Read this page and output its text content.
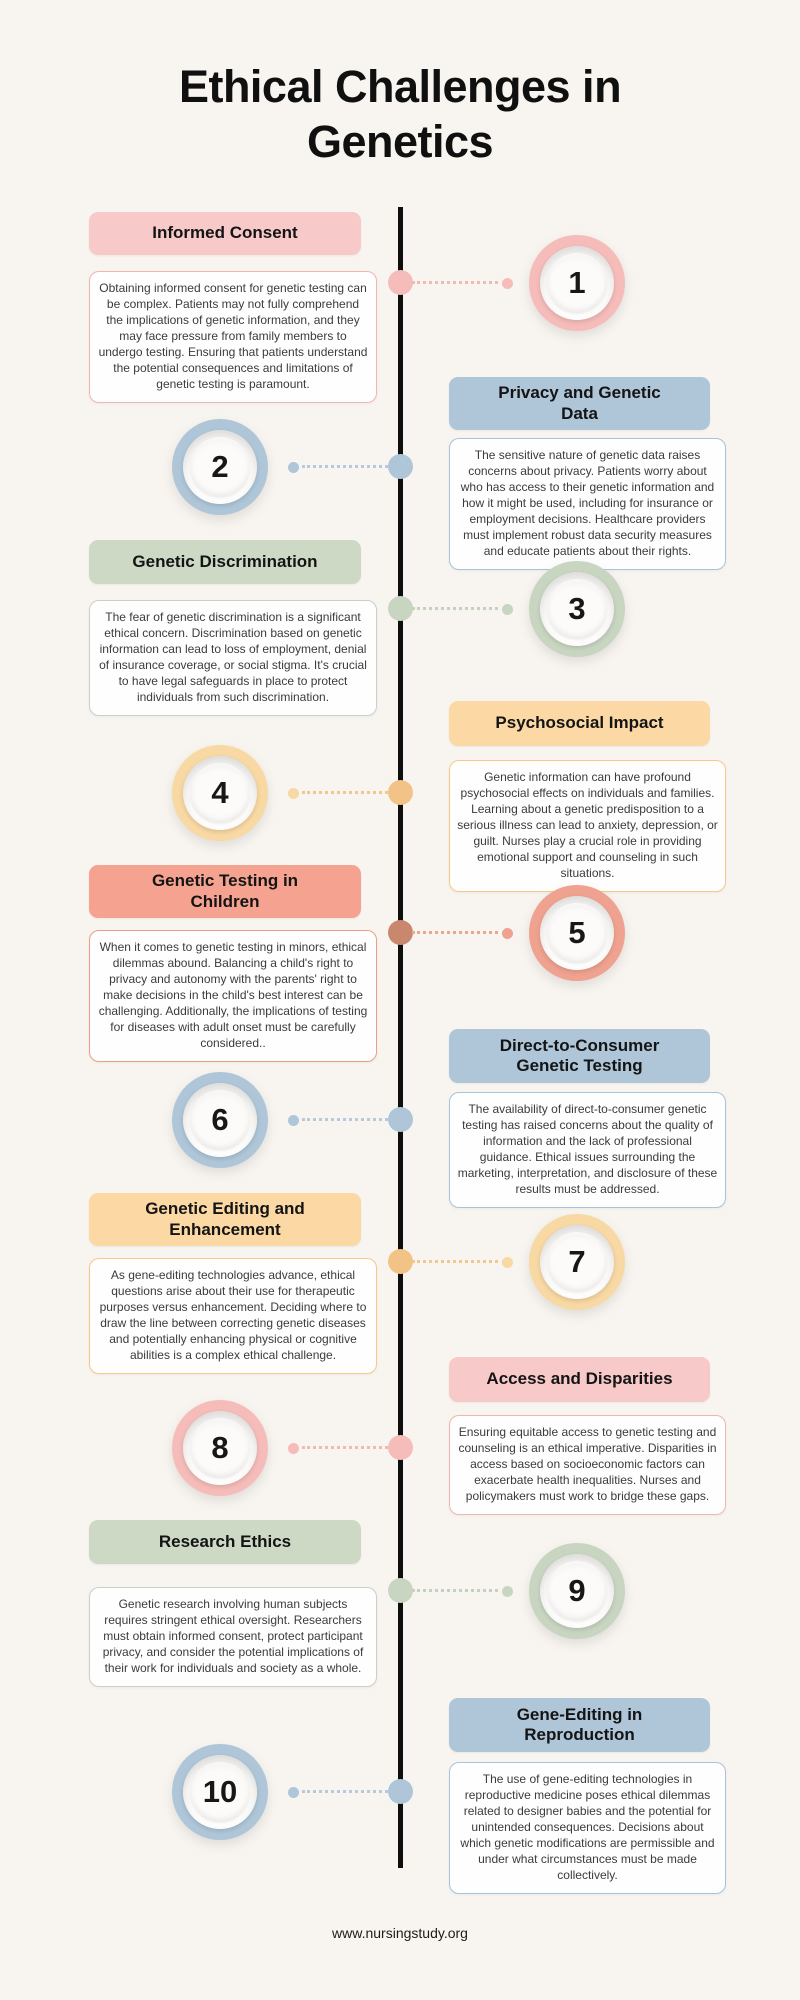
Ethical Challenges in Genetics
Informed Consent

Obtaining informed consent for genetic testing can be complex. Patients may not fully comprehend the implications of genetic information, and they may face pressure from family members to undergo testing. Ensuring that patients understand the potential consequences and limitations of genetic testing is paramount.

1
Privacy and Genetic Data

The sensitive nature of genetic data raises concerns about privacy. Patients worry about who has access to their genetic information and how it might be used, including for insurance or employment decisions. Healthcare providers must implement robust data security measures and educate patients about their rights.

2
Genetic Discrimination

The fear of genetic discrimination is a significant ethical concern. Discrimination based on genetic information can lead to loss of employment, denial of insurance coverage, or social stigma. It's crucial to have legal safeguards in place to protect individuals from such discrimination.

3
Psychosocial Impact

Genetic information can have profound psychosocial effects on individuals and families. Learning about a genetic predisposition to a serious illness can lead to anxiety, depression, or guilt. Nurses play a crucial role in providing emotional support and counseling in such situations.

4
Genetic Testing in Children

When it comes to genetic testing in minors, ethical dilemmas abound. Balancing a child's right to privacy and autonomy with the parents' right to make decisions in the child's best interest can be challenging. Additionally, the implications of testing for diseases with adult onset must be carefully considered..

5
Direct-to-Consumer Genetic Testing

The availability of direct-to-consumer genetic testing has raised concerns about the quality of information and the lack of professional guidance. Ethical issues surrounding the marketing, interpretation, and disclosure of these results must be addressed.

6
Genetic Editing and Enhancement

As gene-editing technologies advance, ethical questions arise about their use for therapeutic purposes versus enhancement. Deciding where to draw the line between correcting genetic diseases and potentially enhancing physical or cognitive abilities is a complex ethical challenge.

7
Access and Disparities

Ensuring equitable access to genetic testing and counseling is an ethical imperative. Disparities in access based on socioeconomic factors can exacerbate health inequalities. Nurses and policymakers must work to bridge these gaps.

8
Research Ethics

Genetic research involving human subjects requires stringent ethical oversight. Researchers must obtain informed consent, protect participant privacy, and consider the potential implications of their work for individuals and society as a whole.

9
Gene-Editing in Reproduction

The use of gene-editing technologies in reproductive medicine poses ethical dilemmas related to designer babies and the potential for unintended consequences. Decisions about which genetic modifications are permissible and under what circumstances must be made collectively.

10
www.nursingstudy.org
